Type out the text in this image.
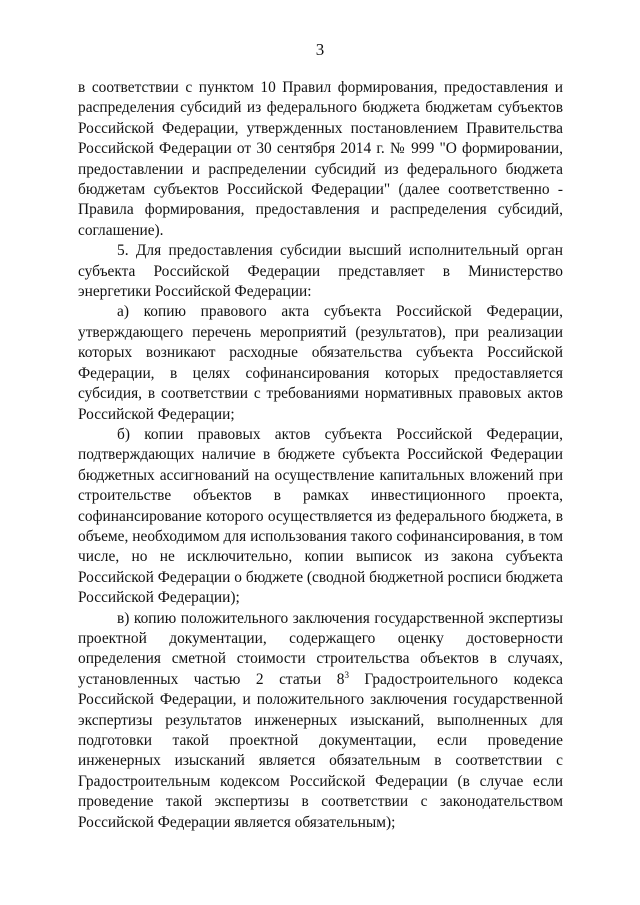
3

в соответствии с пунктом 10 Правил формирования, предоставления и распределения субсидий из федерального бюджета бюджетам субъектов Российской Федерации, утвержденных постановлением Правительства Российской Федерации от 30 сентября 2014 г. № 999 "О формировании, предоставлении и распределении субсидий из федерального бюджета бюджетам субъектов Российской Федерации" (далее соответственно - Правила формирования, предоставления и распределения субсидий, соглашение).

5. Для предоставления субсидии высший исполнительный орган субъекта Российской Федерации представляет в Министерство энергетики Российской Федерации:

а) копию правового акта субъекта Российской Федерации, утверждающего перечень мероприятий (результатов), при реализации которых возникают расходные обязательства субъекта Российской Федерации, в целях софинансирования которых предоставляется субсидия, в соответствии с требованиями нормативных правовых актов Российской Федерации;

б) копии правовых актов субъекта Российской Федерации, подтверждающих наличие в бюджете субъекта Российской Федерации бюджетных ассигнований на осуществление капитальных вложений при строительстве объектов в рамках инвестиционного проекта, софинансирование которого осуществляется из федерального бюджета, в объеме, необходимом для использования такого софинансирования, в том числе, но не исключительно, копии выписок из закона субъекта Российской Федерации о бюджете (сводной бюджетной росписи бюджета Российской Федерации);

в) копию положительного заключения государственной экспертизы проектной документации, содержащего оценку достоверности определения сметной стоимости строительства объектов в случаях, установленных частью 2 статьи $8^3$ Градостроительного кодекса Российской Федерации, и положительного заключения государственной экспертизы результатов инженерных изысканий, выполненных для подготовки такой проектной документации, если проведение инженерных изысканий является обязательным в соответствии с Градостроительным кодексом Российской Федерации (в случае если проведение такой экспертизы в соответствии с законодательством Российской Федерации является обязательным);
